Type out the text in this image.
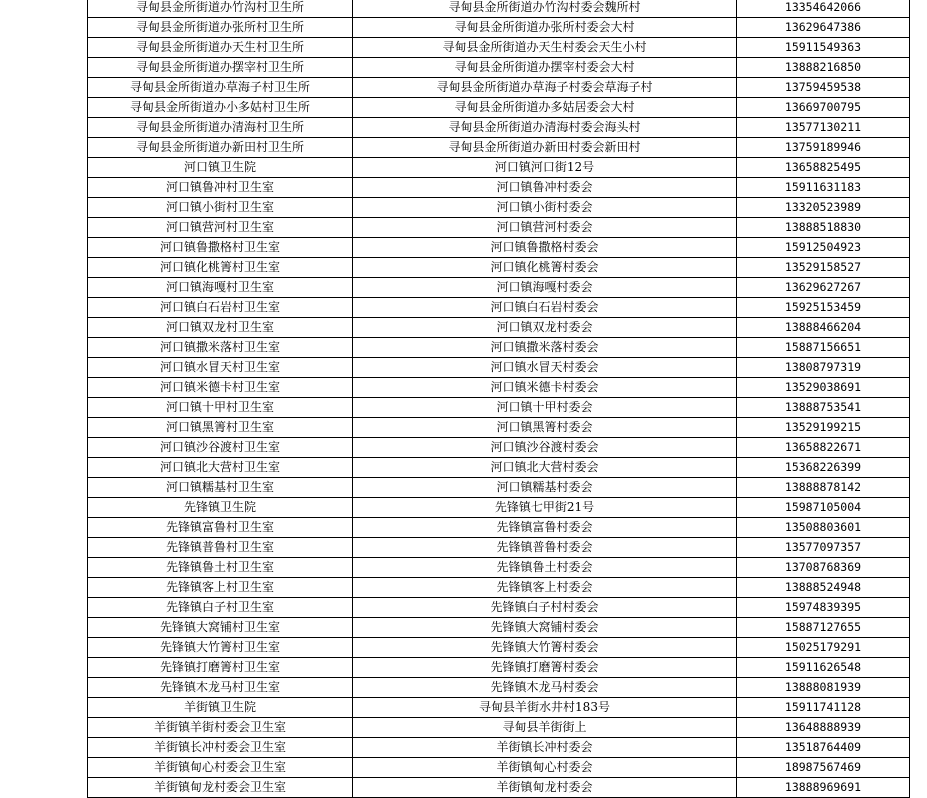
寻甸县金所街道办竹沟村卫生所	寻甸县金所街道办竹沟村委会魏所村	13354642066
寻甸县金所街道办张所村卫生所	寻甸县金所街道办张所村委会大村	13629647386
寻甸县金所街道办天生村卫生所	寻甸县金所街道办天生村委会天生小村	15911549363
寻甸县金所街道办摆宰村卫生所	寻甸县金所街道办摆宰村委会大村	13888216850
寻甸县金所街道办草海子村卫生所	寻甸县金所街道办草海子村委会草海子村	13759459538
寻甸县金所街道办小多姑村卫生所	寻甸县金所街道办多姑居委会大村	13669700795
寻甸县金所街道办清海村卫生所	寻甸县金所街道办清海村委会海头村	13577130211
寻甸县金所街道办新田村卫生所	寻甸县金所街道办新田村委会新田村	13759189946
河口镇卫生院	河口镇河口街12号	13658825495
河口镇鲁冲村卫生室	河口镇鲁冲村委会	15911631183
河口镇小街村卫生室	河口镇小街村委会	13320523989
河口镇营河村卫生室	河口镇营河村委会	13888518830
河口镇鲁撒格村卫生室	河口镇鲁撒格村委会	15912504923
河口镇化桃箐村卫生室	河口镇化桃箐村委会	13529158527
河口镇海嘎村卫生室	河口镇海嘎村委会	13629627267
河口镇白石岩村卫生室	河口镇白石岩村委会	15925153459
河口镇双龙村卫生室	河口镇双龙村委会	13888466204
河口镇撒米落村卫生室	河口镇撒米落村委会	15887156651
河口镇水冒天村卫生室	河口镇水冒天村委会	13808797319
河口镇米德卡村卫生室	河口镇米德卡村委会	13529038691
河口镇十甲村卫生室	河口镇十甲村委会	13888753541
河口镇黑箐村卫生室	河口镇黑箐村委会	13529199215
河口镇沙谷渡村卫生室	河口镇沙谷渡村委会	13658822671
河口镇北大营村卫生室	河口镇北大营村委会	15368226399
河口镇糯基村卫生室	河口镇糯基村委会	13888878142
先锋镇卫生院	先锋镇七甲街21号	15987105004
先锋镇富鲁村卫生室	先锋镇富鲁村委会	13508803601
先锋镇普鲁村卫生室	先锋镇普鲁村委会	13577097357
先锋镇鲁土村卫生室	先锋镇鲁土村委会	13708768369
先锋镇客上村卫生室	先锋镇客上村委会	13888524948
先锋镇白子村卫生室	先锋镇白子村村委会	15974839395
先锋镇大窝铺村卫生室	先锋镇大窝铺村委会	15887127655
先锋镇大竹箐村卫生室	先锋镇大竹箐村委会	15025179291
先锋镇打磨箐村卫生室	先锋镇打磨箐村委会	15911626548
先锋镇木龙马村卫生室	先锋镇木龙马村委会	13888081939
羊街镇卫生院	寻甸县羊街水井村183号	15911741128
羊街镇羊街村委会卫生室	寻甸县羊街街上	13648888939
羊街镇长冲村委会卫生室	羊街镇长冲村委会	13518764409
羊街镇甸心村委会卫生室	羊街镇甸心村委会	18987567469
羊街镇甸龙村委会卫生室	羊街镇甸龙村委会	13888969691
